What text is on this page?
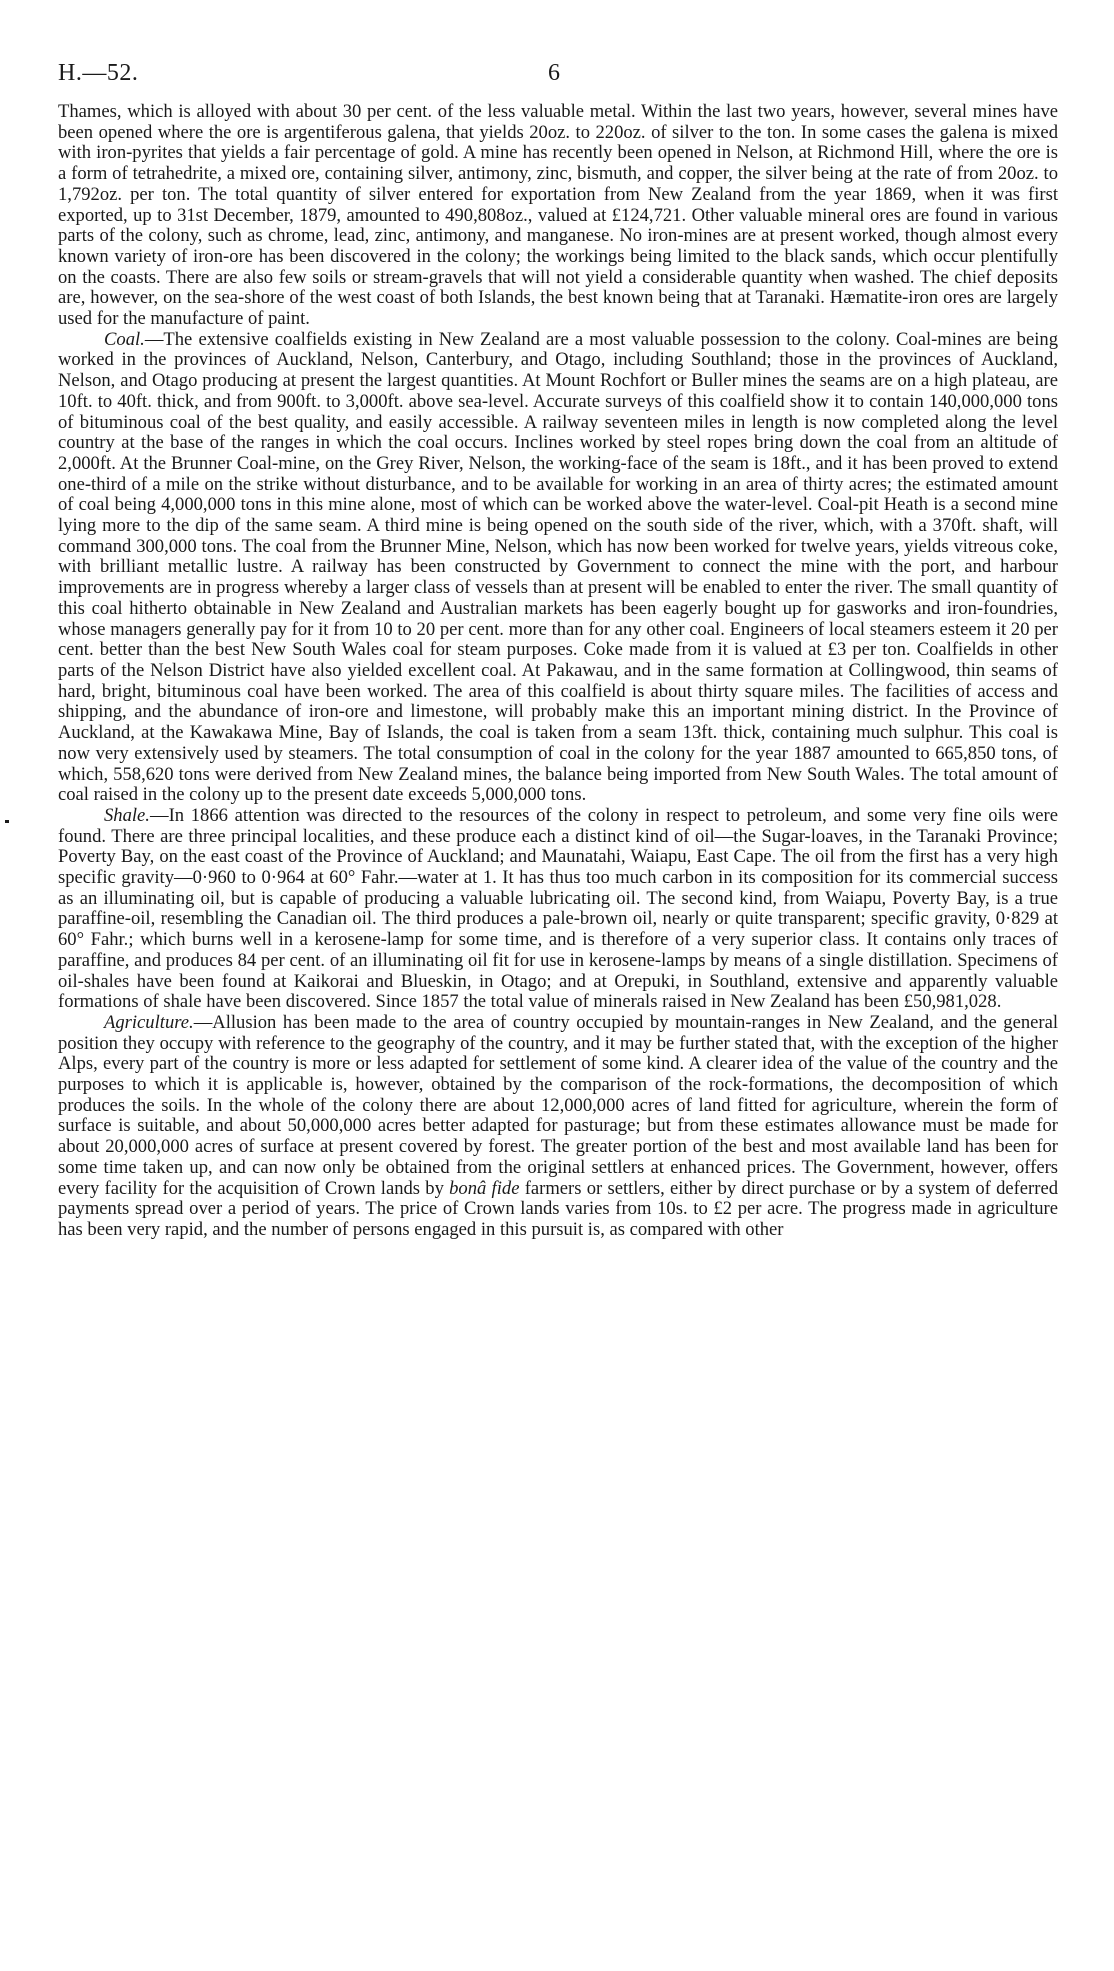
H.—52.	6

Thames, which is alloyed with about 30 per cent. of the less valuable metal. Within the last two years, however, several mines have been opened where the ore is argentiferous galena, that yields 20oz. to 220oz. of silver to the ton. In some cases the galena is mixed with iron-pyrites that yields a fair percentage of gold. A mine has recently been opened in Nelson, at Richmond Hill, where the ore is a form of tetrahedrite, a mixed ore, containing silver, antimony, zinc, bismuth, and copper, the silver being at the rate of from 20oz. to 1,792oz. per ton. The total quantity of silver entered for exportation from New Zealand from the year 1869, when it was first exported, up to 31st December, 1879, amounted to 490,808oz., valued at £124,721. Other valuable mineral ores are found in various parts of the colony, such as chrome, lead, zinc, antimony, and manganese. No iron-mines are at present worked, though almost every known variety of iron-ore has been discovered in the colony; the workings being limited to the black sands, which occur plentifully on the coasts. There are also few soils or stream-gravels that will not yield a considerable quantity when washed. The chief deposits are, however, on the sea-shore of the west coast of both Islands, the best known being that at Taranaki. Hæmatite-iron ores are largely used for the manufacture of paint.

Coal.—The extensive coalfields existing in New Zealand are a most valuable possession to the colony. Coal-mines are being worked in the provinces of Auckland, Nelson, Canterbury, and Otago, including Southland; those in the provinces of Auckland, Nelson, and Otago producing at present the largest quantities. At Mount Rochfort or Buller mines the seams are on a high plateau, are 10ft. to 40ft. thick, and from 900ft. to 3,000ft. above sea-level. Accurate surveys of this coalfield show it to contain 140,000,000 tons of bituminous coal of the best quality, and easily accessible. A railway seventeen miles in length is now completed along the level country at the base of the ranges in which the coal occurs. Inclines worked by steel ropes bring down the coal from an altitude of 2,000ft. At the Brunner Coal-mine, on the Grey River, Nelson, the working-face of the seam is 18ft., and it has been proved to extend one-third of a mile on the strike without disturbance, and to be available for working in an area of thirty acres; the estimated amount of coal being 4,000,000 tons in this mine alone, most of which can be worked above the water-level. Coal-pit Heath is a second mine lying more to the dip of the same seam. A third mine is being opened on the south side of the river, which, with a 370ft. shaft, will command 300,000 tons. The coal from the Brunner Mine, Nelson, which has now been worked for twelve years, yields vitreous coke, with brilliant metallic lustre. A railway has been constructed by Government to connect the mine with the port, and harbour improvements are in progress whereby a larger class of vessels than at present will be enabled to enter the river. The small quantity of this coal hitherto obtainable in New Zealand and Australian markets has been eagerly bought up for gasworks and iron-foundries, whose managers generally pay for it from 10 to 20 per cent. more than for any other coal. Engineers of local steamers esteem it 20 per cent. better than the best New South Wales coal for steam purposes. Coke made from it is valued at £3 per ton. Coalfields in other parts of the Nelson District have also yielded excellent coal. At Pakawau, and in the same formation at Collingwood, thin seams of hard, bright, bituminous coal have been worked. The area of this coalfield is about thirty square miles. The facilities of access and shipping, and the abundance of iron-ore and limestone, will probably make this an important mining district. In the Province of Auckland, at the Kawakawa Mine, Bay of Islands, the coal is taken from a seam 13ft. thick, containing much sulphur. This coal is now very extensively used by steamers. The total consumption of coal in the colony for the year 1887 amounted to 665,850 tons, of which, 558,620 tons were derived from New Zealand mines, the balance being imported from New South Wales. The total amount of coal raised in the colony up to the present date exceeds 5,000,000 tons.

Shale.—In 1866 attention was directed to the resources of the colony in respect to petroleum, and some very fine oils were found. There are three principal localities, and these produce each a distinct kind of oil—the Sugar-loaves, in the Taranaki Province; Poverty Bay, on the east coast of the Province of Auckland; and Maunatahi, Waiapu, East Cape. The oil from the first has a very high specific gravity—0·960 to 0·964 at 60° Fahr.—water at 1. It has thus too much carbon in its composition for its commercial success as an illuminating oil, but is capable of producing a valuable lubricating oil. The second kind, from Waiapu, Poverty Bay, is a true paraffine-oil, resembling the Canadian oil. The third produces a pale-brown oil, nearly or quite transparent; specific gravity, 0·829 at 60° Fahr.; which burns well in a kerosene-lamp for some time, and is therefore of a very superior class. It contains only traces of paraffine, and produces 84 per cent. of an illuminating oil fit for use in kerosene-lamps by means of a single distillation. Specimens of oil-shales have been found at Kaikorai and Blueskin, in Otago; and at Orepuki, in Southland, extensive and apparently valuable formations of shale have been discovered. Since 1857 the total value of minerals raised in New Zealand has been £50,981,028.

Agriculture.—Allusion has been made to the area of country occupied by mountain-ranges in New Zealand, and the general position they occupy with reference to the geography of the country, and it may be further stated that, with the exception of the higher Alps, every part of the country is more or less adapted for settlement of some kind. A clearer idea of the value of the country and the purposes to which it is applicable is, however, obtained by the comparison of the rock-formations, the decomposition of which produces the soils. In the whole of the colony there are about 12,000,000 acres of land fitted for agriculture, wherein the form of surface is suitable, and about 50,000,000 acres better adapted for pasturage; but from these estimates allowance must be made for about 20,000,000 acres of surface at present covered by forest. The greater portion of the best and most available land has been for some time taken up, and can now only be obtained from the original settlers at enhanced prices. The Government, however, offers every facility for the acquisition of Crown lands by bonâ fide farmers or settlers, either by direct purchase or by a system of deferred payments spread over a period of years. The price of Crown lands varies from 10s. to £2 per acre. The progress made in agriculture has been very rapid, and the number of persons engaged in this pursuit is, as compared with other
